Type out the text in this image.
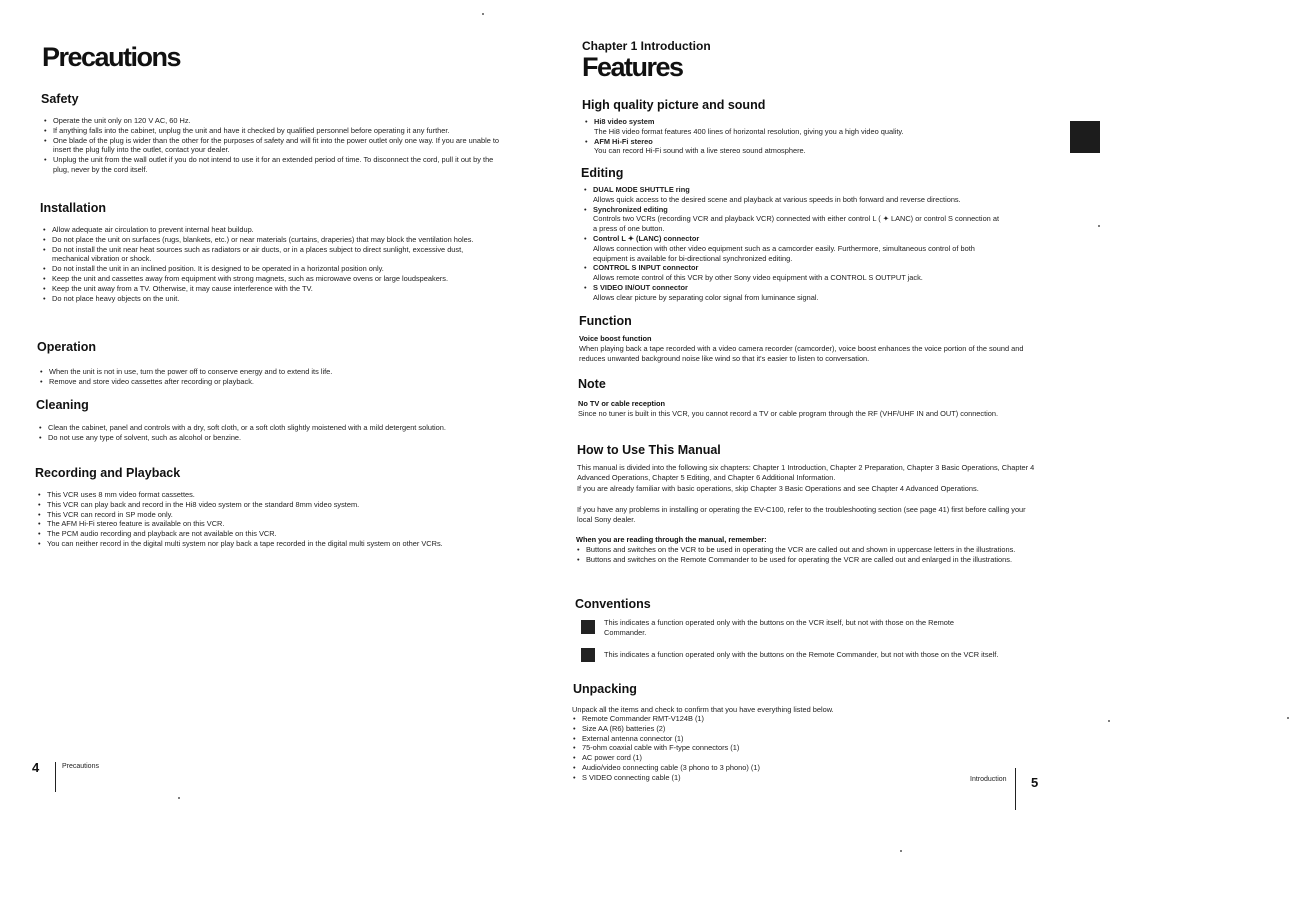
Precautions
Safety
• Operate the unit only on 120 V AC, 60 Hz.
• If anything falls into the cabinet, unplug the unit and have it checked by qualified personnel before operating it any further.
• One blade of the plug is wider than the other for the purposes of safety and will fit into the power outlet only one way. If you are unable to insert the plug fully into the outlet, contact your dealer.
• Unplug the unit from the wall outlet if you do not intend to use it for an extended period of time. To disconnect the cord, pull it out by the plug, never by the cord itself.
Installation
• Allow adequate air circulation to prevent internal heat buildup.
• Do not place the unit on surfaces (rugs, blankets, etc.) or near materials (curtains, draperies) that may block the ventilation holes.
• Do not install the unit near heat sources such as radiators or air ducts, or in a places subject to direct sunlight, excessive dust, mechanical vibration or shock.
• Do not install the unit in an inclined position. It is designed to be operated in a horizontal position only.
• Keep the unit and cassettes away from equipment with strong magnets, such as microwave ovens or large loudspeakers.
• Keep the unit away from a TV. Otherwise, it may cause interference with the TV.
• Do not place heavy objects on the unit.
Operation
• When the unit is not in use, turn the power off to conserve energy and to extend its life.
• Remove and store video cassettes after recording or playback.
Cleaning
• Clean the cabinet, panel and controls with a dry, soft cloth, or a soft cloth slightly moistened with a mild detergent solution.
• Do not use any type of solvent, such as alcohol or benzine.
Recording and Playback
• This VCR uses 8 mm video format cassettes.
• This VCR can play back and record in the Hi8 video system or the standard 8mm video system.
• This VCR can record in SP mode only.
• The AFM Hi-Fi stereo feature is available on this VCR.
• The PCM audio recording and playback are not available on this VCR.
• You can neither record in the digital multi system nor play back a tape recorded in the digital multi system on other VCRs.
4	Precautions
Chapter 1 Introduction
Features
High quality picture and sound
• Hi8 video system
The Hi8 video format features 400 lines of horizontal resolution, giving you a high video quality.
• AFM Hi-Fi stereo
You can record Hi-Fi sound with a live stereo sound atmosphere.
Editing
• DUAL MODE SHUTTLE ring
Allows quick access to the desired scene and playback at various speeds in both forward and reverse directions.
• Synchronized editing
Controls two VCRs (recording VCR and playback VCR) connected with either control L ( ✦ LANC) or control S connection at a press of one button.
• Control L ✦ (LANC) connector
Allows connection with other video equipment such as a camcorder easily. Furthermore, simultaneous control of both equipment is available for bi-directional synchronized editing.
• CONTROL S INPUT connector
Allows remote control of this VCR by other Sony video equipment with a CONTROL S OUTPUT jack.
• S VIDEO IN/OUT connector
Allows clear picture by separating color signal from luminance signal.
Function
Voice boost function
When playing back a tape recorded with a video camera recorder (camcorder), voice boost enhances the voice portion of the sound and reduces unwanted background noise like wind so that it's easier to listen to conversation.
Note
No TV or cable reception
Since no tuner is built in this VCR, you cannot record a TV or cable program through the RF (VHF/UHF IN and OUT) connection.
How to Use This Manual
This manual is divided into the following six chapters: Chapter 1 Introduction, Chapter 2 Preparation, Chapter 3 Basic Operations, Chapter 4 Advanced Operations, Chapter 5 Editing, and Chapter 6 Additional Information.
If you are already familiar with basic operations, skip Chapter 3 Basic Operations and see Chapter 4 Advanced Operations.
If you have any problems in installing or operating the EV-C100, refer to the troubleshooting section (see page 41) first before calling your local Sony dealer.
When you are reading through the manual, remember:
• Buttons and switches on the VCR to be used in operating the VCR are called out and shown in uppercase letters in the illustrations.
• Buttons and switches on the Remote Commander to be used for operating the VCR are called out and enlarged in the illustrations.
Conventions
This indicates a function operated only with the buttons on the VCR itself, but not with those on the Remote Commander.
This indicates a function operated only with the buttons on the Remote Commander, but not with those on the VCR itself.
Unpacking
Unpack all the items and check to confirm that you have everything listed below.
• Remote Commander RMT-V124B (1)
• Size AA (R6) batteries (2)
• External antenna connector (1)
• 75-ohm coaxial cable with F-type connectors (1)
• AC power cord (1)
• Audio/video connecting cable (3 phono to 3 phono) (1)
• S VIDEO connecting cable (1)	Introduction 5
